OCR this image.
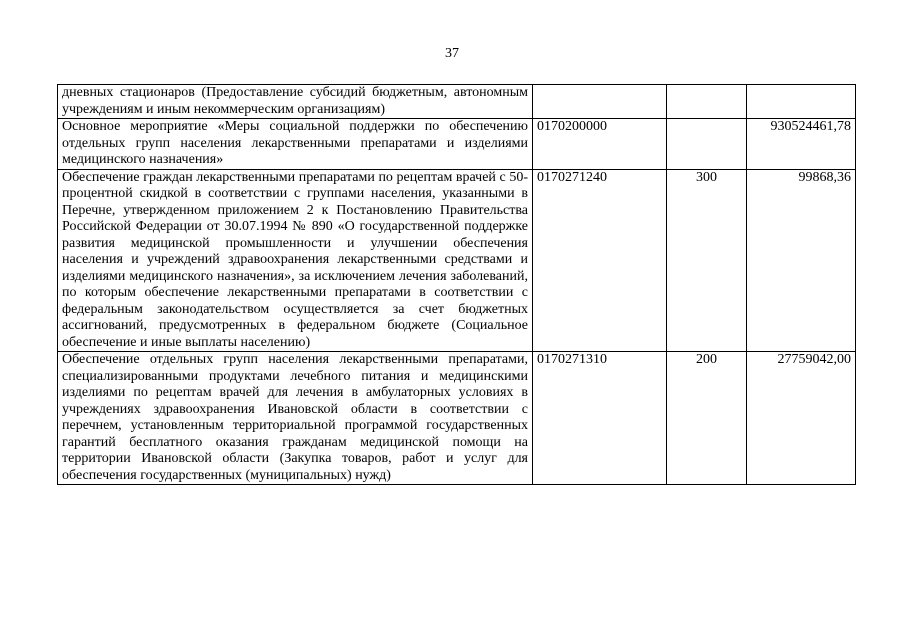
37
дневных стационаров (Предоставление субсидий бюджетным, автономным учреждениям и иным некоммерческим организациям)			
Основное мероприятие «Меры социальной поддержки по обеспечению отдельных групп населения лекарственными препаратами и изделиями медицинского назначения»	0170200000		930524461,78
Обеспечение граждан лекарственными препаратами по рецептам врачей с 50-процентной скидкой в соответствии с группами населения, указанными в Перечне, утвержденном приложением 2 к Постановлению Правительства Российской Федерации от 30.07.1994 № 890 «О государственной поддержке развития медицинской промышленности и улучшении обеспечения населения и учреждений здравоохранения лекарственными средствами и изделиями медицинского назначения», за исключением лечения заболеваний, по которым обеспечение лекарственными препаратами в соответствии с федеральным законодательством осуществляется за счет бюджетных ассигнований, предусмотренных в федеральном бюджете (Социальное обеспечение и иные выплаты населению)	0170271240	300	99868,36
Обеспечение отдельных групп населения лекарственными препаратами, специализированными продуктами лечебного питания и медицинскими изделиями по рецептам врачей для лечения в амбулаторных условиях в учреждениях здравоохранения Ивановской области в соответствии с перечнем, установленным территориальной программой государственных гарантий бесплатного оказания гражданам медицинской помощи на территории Ивановской области (Закупка товаров, работ и услуг для обеспечения государственных (муниципальных) нужд)	0170271310	200	27759042,00
